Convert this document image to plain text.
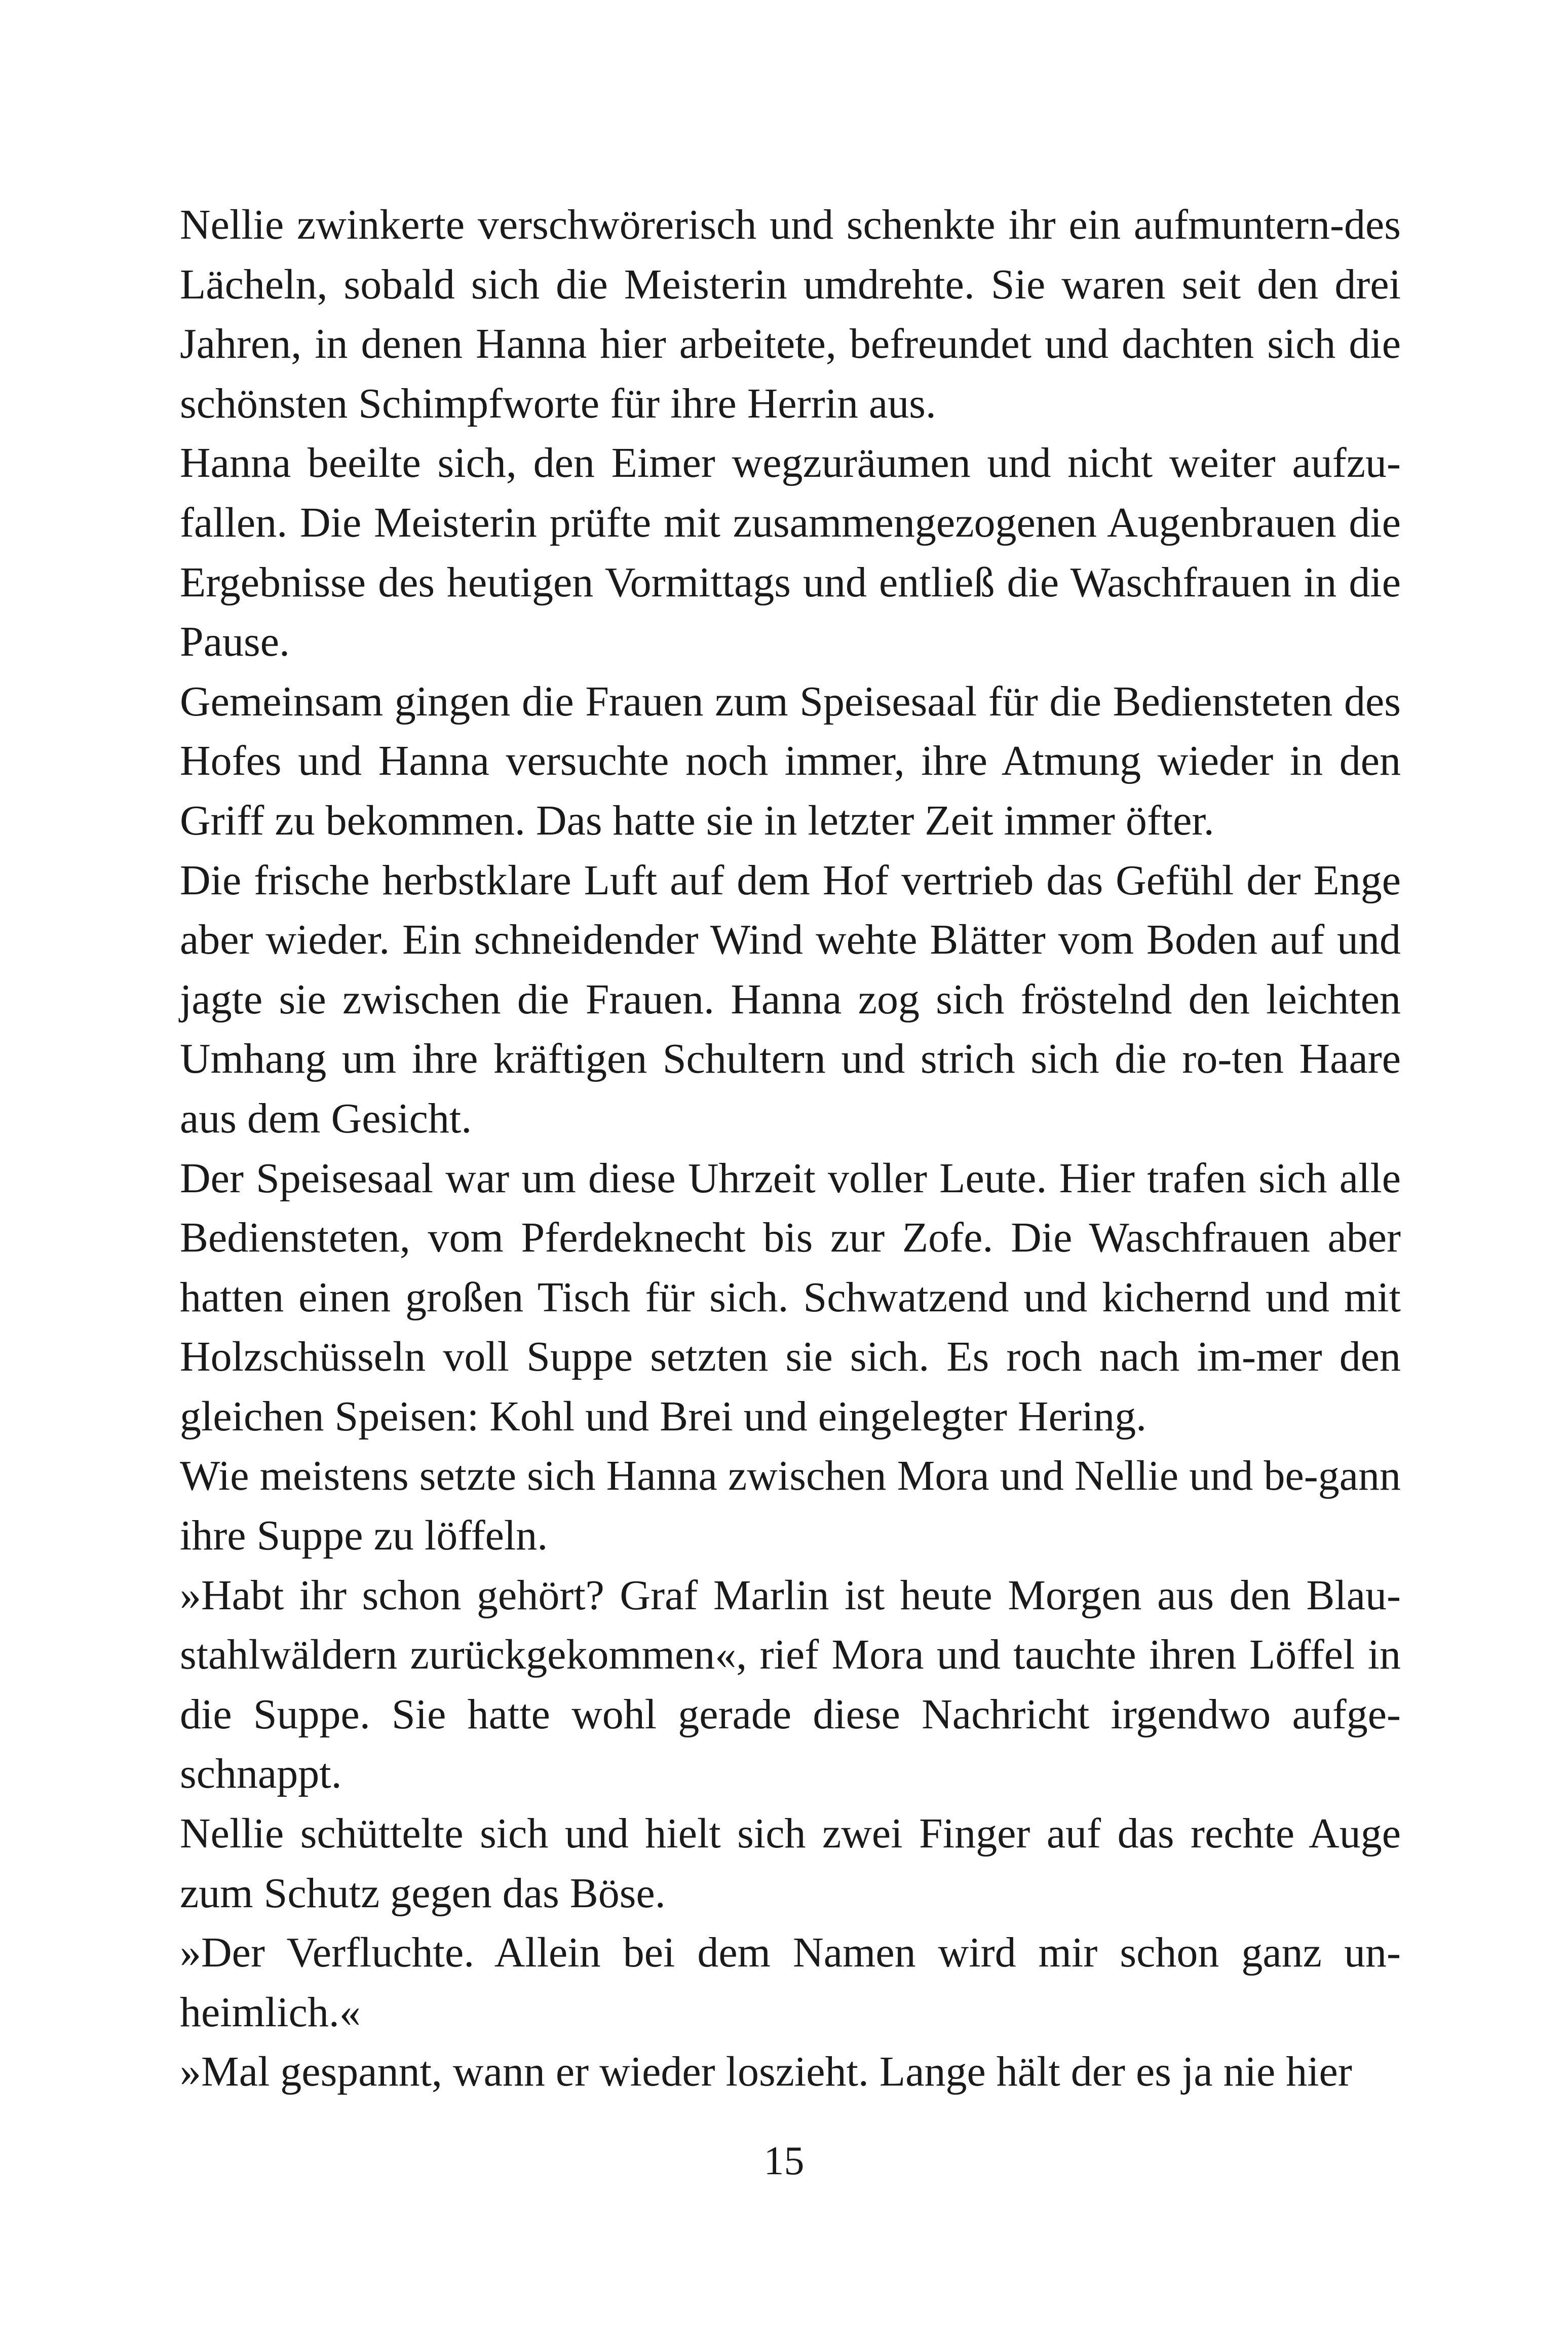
Nellie zwinkerte verschwörerisch und schenkte ihr ein aufmuntern-des Lächeln, sobald sich die Meisterin umdrehte. Sie waren seit den drei Jahren, in denen Hanna hier arbeitete, befreundet und dachten sich die schönsten Schimpfworte für ihre Herrin aus.

Hanna beeilte sich, den Eimer wegzuräumen und nicht weiter aufzu-fallen. Die Meisterin prüfte mit zusammengezogenen Augenbrauen die Ergebnisse des heutigen Vormittags und entließ die Waschfrauen in die Pause.

Gemeinsam gingen die Frauen zum Speisesaal für die Bediensteten des Hofes und Hanna versuchte noch immer, ihre Atmung wieder in den Griff zu bekommen. Das hatte sie in letzter Zeit immer öfter.

Die frische herbstklare Luft auf dem Hof vertrieb das Gefühl der Enge aber wieder. Ein schneidender Wind wehte Blätter vom Boden auf und jagte sie zwischen die Frauen. Hanna zog sich fröstelnd den leichten Umhang um ihre kräftigen Schultern und strich sich die ro-ten Haare aus dem Gesicht.

Der Speisesaal war um diese Uhrzeit voller Leute. Hier trafen sich alle Bediensteten, vom Pferdeknecht bis zur Zofe. Die Waschfrauen aber hatten einen großen Tisch für sich. Schwatzend und kichernd und mit Holzschüsseln voll Suppe setzten sie sich. Es roch nach im-mer den gleichen Speisen: Kohl und Brei und eingelegter Hering.

Wie meistens setzte sich Hanna zwischen Mora und Nellie und be-gann ihre Suppe zu löffeln.

»Habt ihr schon gehört? Graf Marlin ist heute Morgen aus den Blau-stahlwäldern zurückgekommen«, rief Mora und tauchte ihren Löffel in die Suppe. Sie hatte wohl gerade diese Nachricht irgendwo aufge-schnappt.

Nellie schüttelte sich und hielt sich zwei Finger auf das rechte Auge zum Schutz gegen das Böse.

»Der Verfluchte. Allein bei dem Namen wird mir schon ganz un-heimlich.«

»Mal gespannt, wann er wieder loszieht. Lange hält der es ja nie hier

15
